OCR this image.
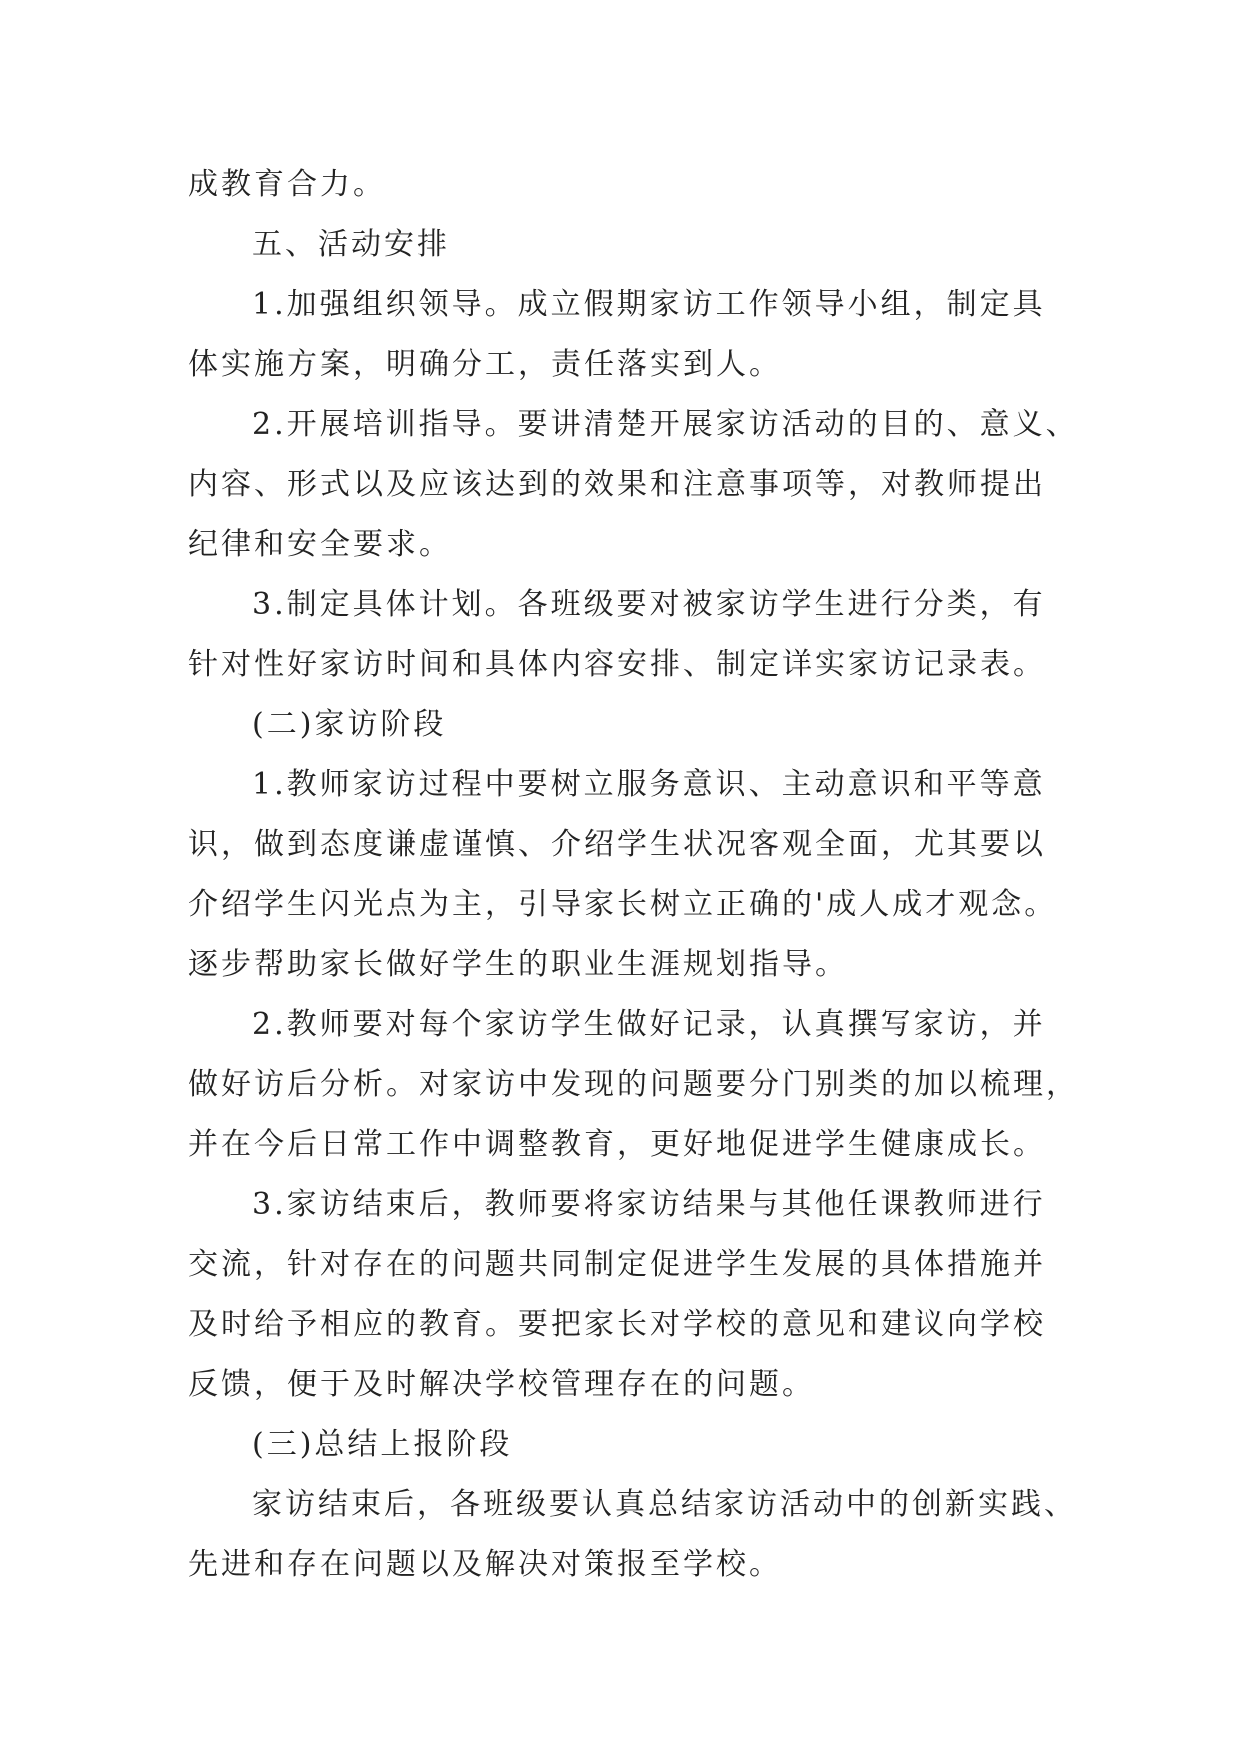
成教育合力。
五、活动安排
1.加强组织领导。成立假期家访工作领导小组，制定具
体实施方案，明确分工，责任落实到人。
2.开展培训指导。要讲清楚开展家访活动的目的、意义、
内容、形式以及应该达到的效果和注意事项等，对教师提出
纪律和安全要求。
3.制定具体计划。各班级要对被家访学生进行分类，有
针对性好家访时间和具体内容安排、制定详实家访记录表。
(二)家访阶段
1.教师家访过程中要树立服务意识、主动意识和平等意
识，做到态度谦虚谨慎、介绍学生状况客观全面，尤其要以
介绍学生闪光点为主，引导家长树立正确的'成人成才观念。
逐步帮助家长做好学生的职业生涯规划指导。
2.教师要对每个家访学生做好记录，认真撰写家访，并
做好访后分析。对家访中发现的问题要分门别类的加以梳理，
并在今后日常工作中调整教育，更好地促进学生健康成长。
3.家访结束后，教师要将家访结果与其他任课教师进行
交流，针对存在的问题共同制定促进学生发展的具体措施并
及时给予相应的教育。要把家长对学校的意见和建议向学校
反馈，便于及时解决学校管理存在的问题。
(三)总结上报阶段
家访结束后，各班级要认真总结家访活动中的创新实践、
先进和存在问题以及解决对策报至学校。
